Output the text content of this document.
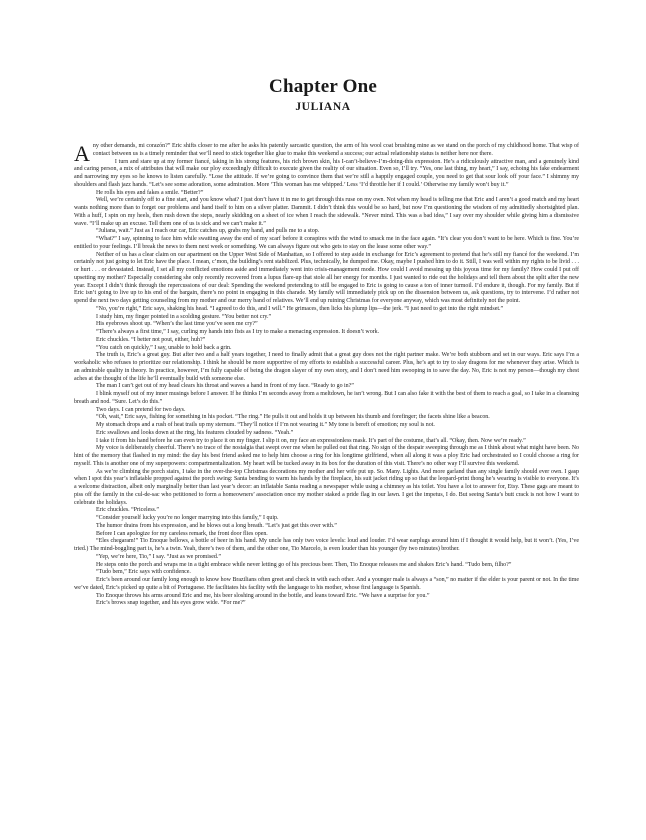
Chapter One
JULIANA

Any other demands, mi corazón?” Eric shifts closer to me after he asks his patently sarcastic question, the arm of his wool coat brushing mine as we stand on the porch of my childhood home. That wisp of contact between us is a timely reminder that we’ll need to stick together like glue to make this weekend a success; our actual relationship status is neither here nor there.

I turn and stare up at my former fiancé, taking in his strong features, his rich brown skin, his I-can’t-believe-I’m-doing-this expression. He’s a ridiculously attractive man, and a genuinely kind and caring person, a mix of attributes that will make our ploy exceedingly difficult to execute given the reality of our situation. Even so, I’ll try. “Yes, one last thing, my heart,” I say, echoing his fake endearment and narrowing my eyes so he knows to listen carefully. “Lose the attitude. If we’re going to convince them that we’re still a happily engaged couple, you need to get that sour look off your face.” I shimmy my shoulders and flash jazz hands. “Let’s see some adoration, some admiration. More ‘This woman has me whipped.’ Less ‘I’d throttle her if I could.’ Otherwise my family won’t buy it.”

He rolls his eyes and fakes a smile. “Better?”

Well, we’re certainly off to a fine start, and you know what? I just don’t have it in me to get through this ruse on my own. Not when my head is telling me that Eric and I aren’t a good match and my heart wants nothing more than to forget our problems and hand itself to him on a silver platter. Dammit. I didn’t think this would be so hard, but now I’m questioning the wisdom of my admittedly shortsighted plan. With a huff, I spin on my heels, then rush down the steps, nearly skidding on a sheet of ice when I reach the sidewalk. “Never mind. This was a bad idea,” I say over my shoulder while giving him a dismissive wave. “I’ll make up an excuse. Tell them one of us is sick and we can’t make it.”

“Juliana, wait.” Just as I reach our car, Eric catches up, grabs my hand, and pulls me to a stop.

“What?” I say, spinning to face him while swatting away the end of my scarf before it conspires with the wind to smack me in the face again. “It’s clear you don’t want to be here. Which is fine. You’re entitled to your feelings. I’ll break the news to them next week or something. We can always figure out who gets to stay on the lease some other way.”

Neither of us has a clear claim on our apartment on the Upper West Side of Manhattan, so I offered to step aside in exchange for Eric’s agreement to pretend that he’s still my fiancé for the weekend. I’m certainly not just going to let Eric have the place. I mean, c’mon, the building’s rent stabilized. Plus, technically, he dumped me. Okay, maybe I pushed him to do it. Still, I was well within my rights to be livid . . . or hurt . . . or devastated. Instead, I set all my conflicted emotions aside and immediately went into crisis-management mode. How could I avoid messing up this joyous time for my family? How could I put off upsetting my mother? Especially considering she only recently recovered from a lupus flare-up that stole all her energy for months. I just wanted to ride out the holidays and tell them about the split after the new year. Except I didn’t think through the repercussions of our deal: Spending the weekend pretending to still be engaged to Eric is going to cause a ton of inner turmoil. I’d endure it, though. For my family. But if Eric isn’t going to live up to his end of the bargain, there’s no point in engaging in this charade. My family will immediately pick up on the dissension between us, ask questions, try to intervene. I’d rather not spend the next two days getting counseling from my mother and our merry band of relatives. We’ll end up ruining Christmas for everyone anyway, which was most definitely not the point.

“No, you’re right,” Eric says, shaking his head. “I agreed to do this, and I will.” He grimaces, then licks his plump lips—the jerk. “I just need to get into the right mindset.”

I study him, my finger pointed in a scolding gesture. “You better not cry.”

His eyebrows shoot up. “When’s the last time you’ve seen me cry?”

“There’s always a first time,” I say, curling my hands into fists as I try to make a menacing expression. It doesn’t work.

Eric chuckles. “I better not pout, either, huh?”

“You catch on quickly,” I say, unable to hold back a grin.

The truth is, Eric’s a great guy. But after two and a half years together, I need to finally admit that a great guy does not the right partner make. We’re both stubborn and set in our ways. Eric says I’m a workaholic who refuses to prioritize our relationship. I think he should be more supportive of my efforts to establish a successful career. Plus, he’s apt to try to slay dragons for me whenever they arise. Which is an admirable quality in theory. In practice, however, I’m fully capable of being the dragon slayer of my own story, and I don’t need him swooping in to save the day. No, Eric is not my person—though my chest aches at the thought of the life he’ll eventually build with someone else.

The man I can’t get out of my head clears his throat and waves a hand in front of my face. “Ready to go in?”

I blink myself out of my inner musings before I answer. If he thinks I’m seconds away from a meltdown, he isn’t wrong. But I can also fake it with the best of them to reach a goal, so I take in a cleansing breath and nod. “Sure. Let’s do this.”

Two days. I can pretend for two days.

“Oh, wait,” Eric says, fishing for something in his pocket. “The ring.” He pulls it out and holds it up between his thumb and forefinger; the facets shine like a beacon.

My stomach drops and a rush of heat trails up my sternum. “They’ll notice if I’m not wearing it.” My tone is bereft of emotion; my soul is not.

Eric swallows and looks down at the ring, his features clouded by sadness. “Yeah.”

I take it from his hand before he can even try to place it on my finger. I slip it on, my face an expressionless mask. It’s part of the costume, that’s all. “Okay, then. Now we’re ready.”

My voice is deliberately cheerful. There’s no trace of the nostalgia that swept over me when he pulled out that ring. No sign of the despair sweeping through me as I think about what might have been. No hint of the memory that flashed in my mind: the day his best friend asked me to help him choose a ring for his longtime girlfriend, when all along it was a ploy Eric had orchestrated so I could choose a ring for myself. This is another one of my superpowers: compartmentalization. My heart will be tucked away in its box for the duration of this visit. There’s no other way I’ll survive this weekend.

As we’re climbing the porch stairs, I take in the over-the-top Christmas decorations my mother and her wife put up. So. Many. Lights. And more garland than any single family should ever own. I gasp when I spot this year’s inflatable propped against the porch swing: Santa bending to warm his hands by the fireplace, his suit jacket riding up so that the leopard-print thong he’s wearing is visible to everyone. It’s a welcome distraction, albeit only marginally better than last year’s decor: an inflatable Santa reading a newspaper while using a chimney as his toilet. You have a lot to answer for, Etsy. These gags are meant to piss off the family in the cul-de-sac who petitioned to form a homeowners’ association once my mother staked a pride flag in our lawn. I get the impetus, I do. But seeing Santa’s butt crack is not how I want to celebrate the holidays.

Eric chuckles. “Priceless.”

“Consider yourself lucky you’re no longer marrying into this family,” I quip.

The humor drains from his expression, and he blows out a long breath. “Let’s just get this over with.”

Before I can apologize for my careless remark, the front door flies open.

“Eles chegaram!” Tio Enoque bellows, a bottle of beer in his hand. My uncle has only two voice levels: loud and louder. I’d wear earplugs around him if I thought it would help, but it won’t. (Yes, I’ve tried.) The mind-boggling part is, he’s a twin. Yeah, there’s two of them, and the other one, Tio Marcelo, is even louder than his younger (by two minutes) brother.

“Yep, we’re here, Tio,” I say. “Just as we promised.”

He steps onto the porch and wraps me in a tight embrace while never letting go of his precious beer. Then, Tio Enoque releases me and shakes Eric’s hand. “Tudo bem, filho?”

“Tudo bem,” Eric says with confidence.

Eric’s been around our family long enough to know how Brazilians often greet and check in with each other. And a younger male is always a “son,” no matter if the elder is your parent or not. In the time we’ve dated, Eric’s picked up quite a bit of Portuguese. He facilitates his facility with the language to his mother, whose first language is Spanish.

Tio Enoque throws his arms around Eric and me, his beer sloshing around in the bottle, and leans toward Eric. “We have a surprise for you.”

Eric’s brows snap together, and his eyes grow wide. “For me?”
